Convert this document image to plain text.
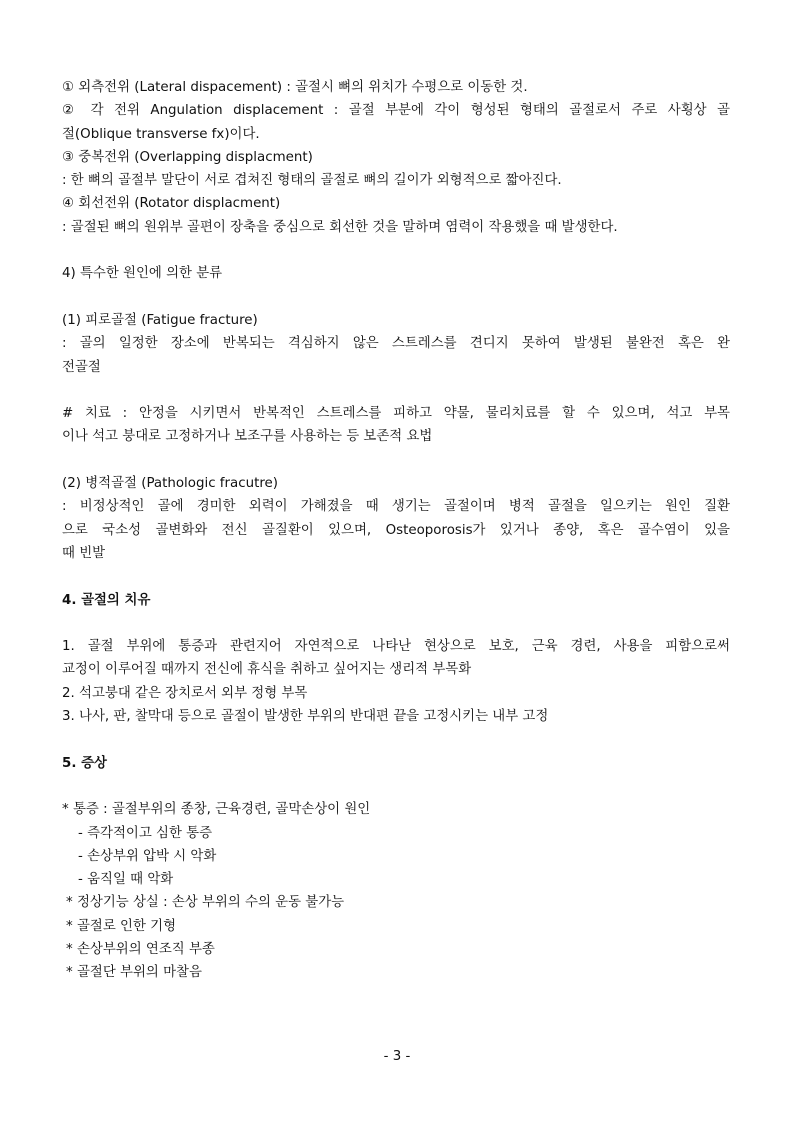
① 외측전위 (Lateral dispacement) : 골절시 뼈의 위치가 수평으로 이동한 것.
② 각 전위 Angulation displacement : 골절 부분에 각이 형성된 형태의 골절로서 주로 사횡상 골
절(Oblique transverse fx)이다.
③ 중복전위 (Overlapping displacment)
: 한 뼈의 골절부 말단이 서로 겹쳐진 형태의 골절로 뼈의 길이가 외형적으로 짧아진다.
④ 회선전위 (Rotator displacment)
: 골절된 뼈의 원위부 골편이 장축을 중심으로 회선한 것을 말하며 염력이 작용했을 때 발생한다.
4) 특수한 원인에 의한 분류
(1) 피로골절 (Fatigue fracture)
: 골의 일정한 장소에 반복되는 격심하지 않은 스트레스를 견디지 못하여 발생된 불완전 혹은 완
전골절
# 치료 : 안정을 시키면서 반복적인 스트레스를 피하고 약물, 물리치료를 할 수 있으며, 석고 부목
이나 석고 붕대로 고정하거나 보조구를 사용하는 등 보존적 요법
(2) 병적골절 (Pathologic fracutre)
: 비정상적인 골에 경미한 외력이 가해졌을 때 생기는 골절이며 병적 골절을 일으키는 원인 질환
으로 국소성 골변화와 전신 골질환이 있으며, Osteoporosis가 있거나 종양, 혹은 골수염이 있을
때 빈발
4. 골절의 치유
1. 골절 부위에 통증과 관련지어 자연적으로 나타난 현상으로 보호, 근육 경련, 사용을 피함으로써
교정이 이루어질 때까지 전신에 휴식을 취하고 싶어지는 생리적 부목화
2. 석고붕대 같은 장치로서 외부 정형 부목
3. 나사, 판, 찰막대 등으로 골절이 발생한 부위의 반대편 끝을 고정시키는 내부 고정
5. 증상
* 통증 : 골절부위의 종창, 근육경련, 골막손상이 원인
- 즉각적이고 심한 통증
- 손상부위 압박 시 악화
- 움직일 때 악화
* 정상기능 상실 : 손상 부위의 수의 운동 불가능
* 골절로 인한 기형
* 손상부위의 연조직 부종
* 골절단 부위의 마찰음
- 3 -
